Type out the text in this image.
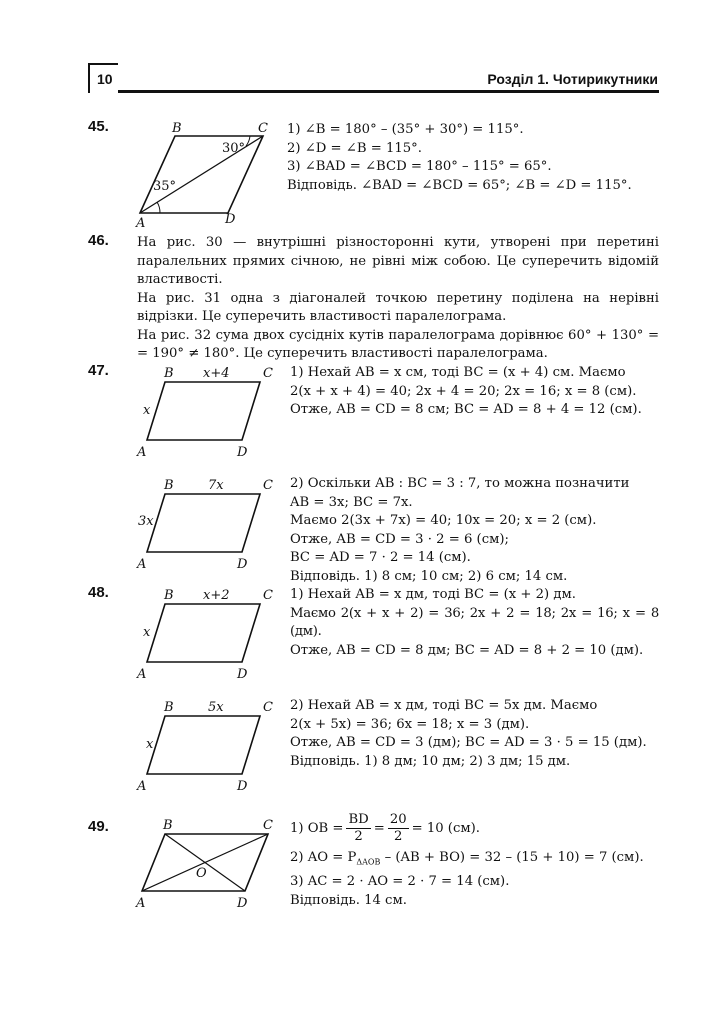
10	Розділ 1. Чотирикутники
45.	B	C
A	D
30°
35°
1) ∠B = 180° – (35° + 30°) = 115°.
2) ∠D = ∠B = 115°.
3) ∠BAD = ∠BCD = 180° – 115° = 65°.
Відповідь. ∠BAD = ∠BCD = 65°; ∠B = ∠D = 115°.
46. На рис. 30 — внутрішні різносторонні кути, утворені при перетині паралельних прямих січною, не рівні між собою. Це суперечить відомій властивості.
На рис. 31 одна з діагоналей точкою перетину поділена на нерівні відрізки. Це суперечить властивості паралелограма.
На рис. 32 сума двох сусідніх кутів паралелограма дорівнює 60° + 130° = = 190° ≠ 180°. Це суперечить властивості паралелограма.
47.	B	C
A	D
x+4
x
1) Нехай AB = x см, тоді BC = (x + 4) см. Маємо
2(x + x + 4) = 40; 2x + 4 = 20; 2x = 16; x = 8 (см).
Отже, AB = CD = 8 см; BC = AD = 8 + 4 = 12 (см).
B	C
A	D
7x
3x
2) Оскільки AB : BC = 3 : 7, то можна позначити
AB = 3x; BC = 7x.
Маємо 2(3x + 7x) = 40; 10x = 20; x = 2 (см).
Отже, AB = CD = 3 · 2 = 6 (см);
BC = AD = 7 · 2 = 14 (см).
Відповідь. 1) 8 см; 10 см; 2) 6 см; 14 см.
48.	B	C
A	D
x+2
x
1) Нехай AB = x дм, тоді BC = (x + 2) дм.
Маємо 2(x + x + 2) = 36; 2x + 2 = 18; 2x = 16; x = 8 (дм).
Отже, AB = CD = 8 дм; BC = AD = 8 + 2 = 10 (дм).
B	C
A	D
5x
x
2) Нехай AB = x дм, тоді BC = 5x дм. Маємо
2(x + 5x) = 36; 6x = 18; x = 3 (дм).
Отже, AB = CD = 3 (дм); BC = AD = 3 · 5 = 15 (дм).
Відповідь. 1) 8 дм; 10 дм; 2) 3 дм; 15 дм.
49.	B	C
A	D
O
1) OB = $\frac{BD}{2} = \frac{20}{2} = 10$ (см).
2) AO = $P_{\Delta AOB} - (AB + BO) = 32 - (15 + 10) = 7$ (см).
3) AC = 2 · AO = 2 · 7 = 14 (см).
Відповідь. 14 см.
